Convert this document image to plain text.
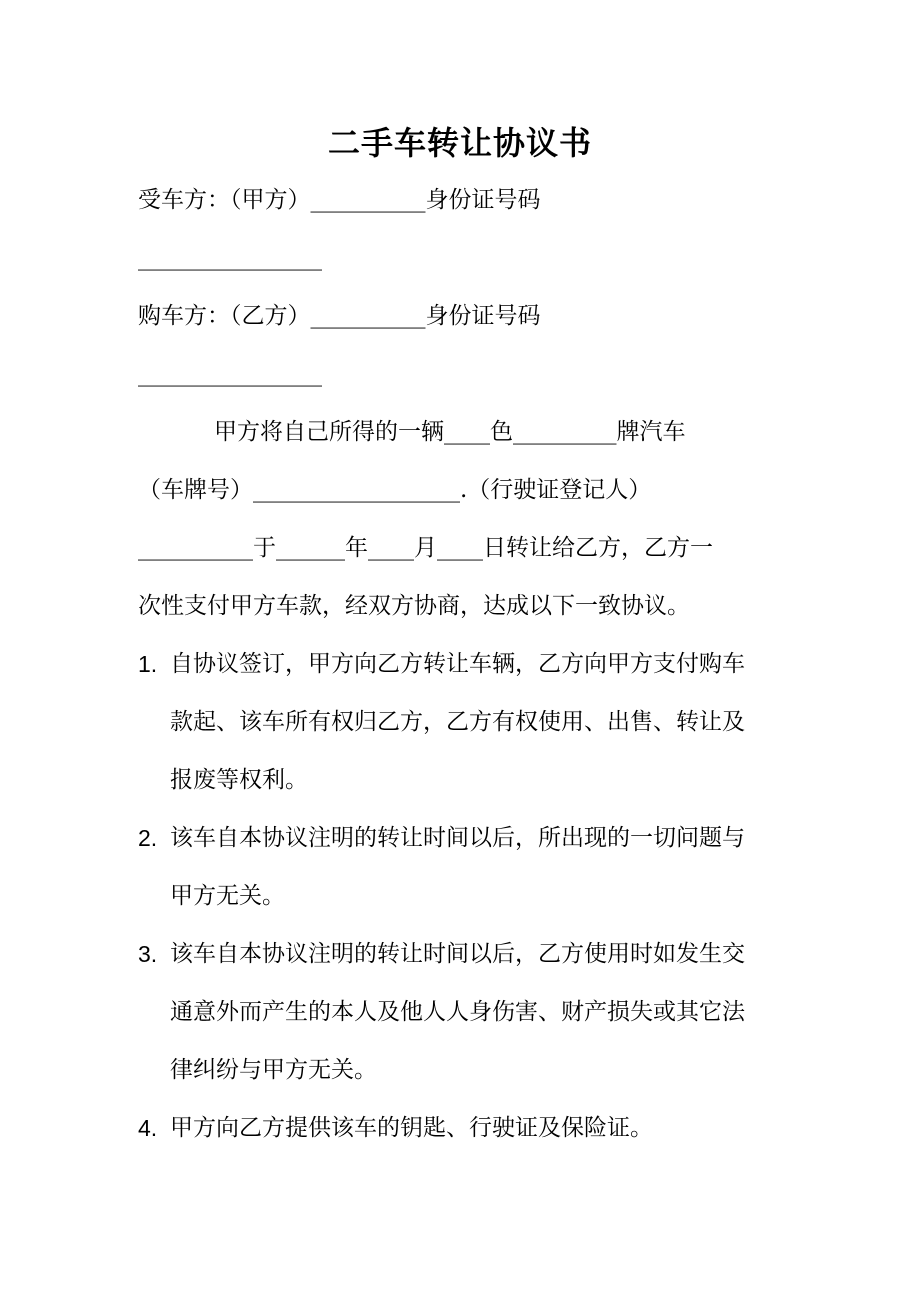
二手车转让协议书
受车方：（甲方）__________身份证号码
________________
购车方：（乙方）__________身份证号码
________________
甲方将自己所得的一辆____色_________牌汽车
（车牌号）__________________.（行驶证登记人）
__________于______年____月____日转让给乙方，乙方一
次性支付甲方车款，经双方协商，达成以下一致协议。
1. 自协议签订，甲方向乙方转让车辆，乙方向甲方支付购车款起、该车所有权归乙方，乙方有权使用、出售、转让及报废等权利。
2. 该车自本协议注明的转让时间以后，所出现的一切问题与甲方无关。
3. 该车自本协议注明的转让时间以后，乙方使用时如发生交通意外而产生的本人及他人人身伤害、财产损失或其它法律纠纷与甲方无关。
4. 甲方向乙方提供该车的钥匙、行驶证及保险证。
